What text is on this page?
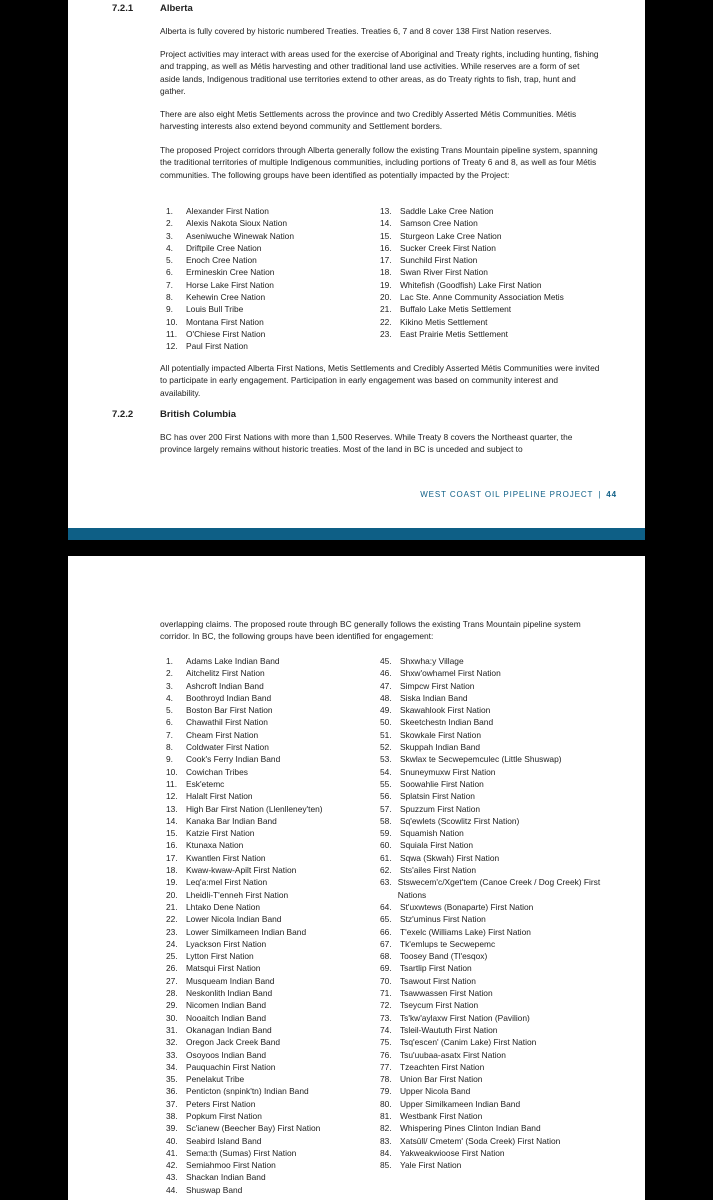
7.2.1	Alberta

Alberta is fully covered by historic numbered Treaties. Treaties 6, 7 and 8 cover 138 First Nation reserves.

Project activities may interact with areas used for the exercise of Aboriginal and Treaty rights, including hunting, fishing and trapping, as well as Métis harvesting and other traditional land use activities. While reserves are a form of set aside lands, Indigenous traditional use territories extend to other areas, as do Treaty rights to fish, trap, hunt and gather.

There are also eight Metis Settlements across the province and two Credibly Asserted Métis Communities. Métis harvesting interests also extend beyond community and Settlement borders.

The proposed Project corridors through Alberta generally follow the existing Trans Mountain pipeline system, spanning the traditional territories of multiple Indigenous communities, including portions of Treaty 6 and 8, as well as four Métis communities. The following groups have been identified as potentially impacted by the Project:

1.	Alexander First Nation
2.	Alexis Nakota Sioux Nation
3.	Aseniwuche Winewak Nation
4.	Driftpile Cree Nation
5.	Enoch Cree Nation
6.	Ermineskin Cree Nation
7.	Horse Lake First Nation
8.	Kehewin Cree Nation
9.	Louis Bull Tribe
10. Montana First Nation
11.	O'Chiese First Nation
12. Paul First Nation
13. Saddle Lake Cree Nation
14. Samson Cree Nation
15. Sturgeon Lake Cree Nation
16. Sucker Creek First Nation
17. Sunchild First Nation
18. Swan River First Nation
19. Whitefish (Goodfish) Lake First Nation
20. Lac Ste. Anne Community Association Metis
21. Buffalo Lake Metis Settlement
22. Kikino Metis Settlement
23. East Prairie Metis Settlement

All potentially impacted Alberta First Nations, Metis Settlements and Credibly Asserted Métis Communities were invited to participate in early engagement. Participation in early engagement was based on community interest and availability.

7.2.2	British Columbia

BC has over 200 First Nations with more than 1,500 Reserves. While Treaty 8 covers the Northeast quarter, the province largely remains without historic treaties. Most of the land in BC is unceded and subject to

WEST COAST OIL PIPELINE PROJECT | 44

overlapping claims. The proposed route through BC generally follows the existing Trans Mountain pipeline system corridor. In BC, the following groups have been identified for engagement:

1.	Adams Lake Indian Band
2.	Aitchelitz First Nation
3.	Ashcroft Indian Band
4.	Boothroyd Indian Band
5.	Boston Bar First Nation
6.	Chawathil First Nation
7.	Cheam First Nation
8.	Coldwater First Nation
9.	Cook's Ferry Indian Band
10. Cowichan Tribes
11.	Esk'etemc
12. Halalt First Nation
13. High Bar First Nation (Llenlleney'ten)
14. Kanaka Bar Indian Band
15. Katzie First Nation
16. Ktunaxa Nation
17. Kwantlen First Nation
18. Kwaw-kwaw-Apilt First Nation
19. Leq'a:mel First Nation
20. Lheidli-T'enneh First Nation
21. Lhtako Dene Nation
22. Lower Nicola Indian Band
23. Lower Similkameen Indian Band
24. Lyackson First Nation
25. Lytton First Nation
26. Matsqui First Nation
27. Musqueam Indian Band
28. Neskonlith Indian Band
29. Nicomen Indian Band
30. Nooaitch Indian Band
31. Okanagan Indian Band
32. Oregon Jack Creek Band
33. Osoyoos Indian Band
34. Pauquachin First Nation
35. Penelakut Tribe
36. Penticton (snpink'tn) Indian Band
37. Peters First Nation
38. Popkum First Nation
39. Sc'ianew (Beecher Bay) First Nation
40. Seabird Island Band
41. Sema:th (Sumas) First Nation
42. Semiahmoo First Nation
43. Shackan Indian Band
44. Shuswap Band
45. Shxwha:y Village
46. Shxw'owhamel First Nation
47. Simpcw First Nation
48. Siska Indian Band
49. Skawahlook First Nation
50. Skeetchestn Indian Band
51. Skowkale First Nation
52. Skuppah Indian Band
53. Skwlax te Secwepemculec (Little Shuswap)
54. Snuneymuxw First Nation
55. Soowahlie First Nation
56. Splatsin First Nation
57. Spuzzum First Nation
58. Sq'ewlets (Scowlitz First Nation)
59. Squamish Nation
60. Squiala First Nation
61. Sqwa (Skwah) First Nation
62. Sts'ailes First Nation
63. Stswecem'c/Xget'tem (Canoe Creek / Dog Creek) First Nations
64. St'uxwtews (Bonaparte) First Nation
65. Stz'uminus First Nation
66. T'exelc (Williams Lake) First Nation
67. Tk'emlups te Secwepemc
68. Toosey Band (Tl'esqox)
69. Tsartlip First Nation
70. Tsawout First Nation
71. Tsawwassen First Nation
72. Tseycum First Nation
73. Ts'kw'aylaxw First Nation (Pavilion)
74. Tsleil-Waututh First Nation
75. Tsq'escen' (Canim Lake) First Nation
76. Tsu'uubaa-asatx First Nation
77. Tzeachten First Nation
78. Union Bar First Nation
79. Upper Nicola Band
80. Upper Similkameen Indian Band
81. Westbank First Nation
82. Whispering Pines Clinton Indian Band
83. Xatsūll/ Cmetem' (Soda Creek) First Nation
84. Yakweakwioose First Nation
85. Yale First Nation
